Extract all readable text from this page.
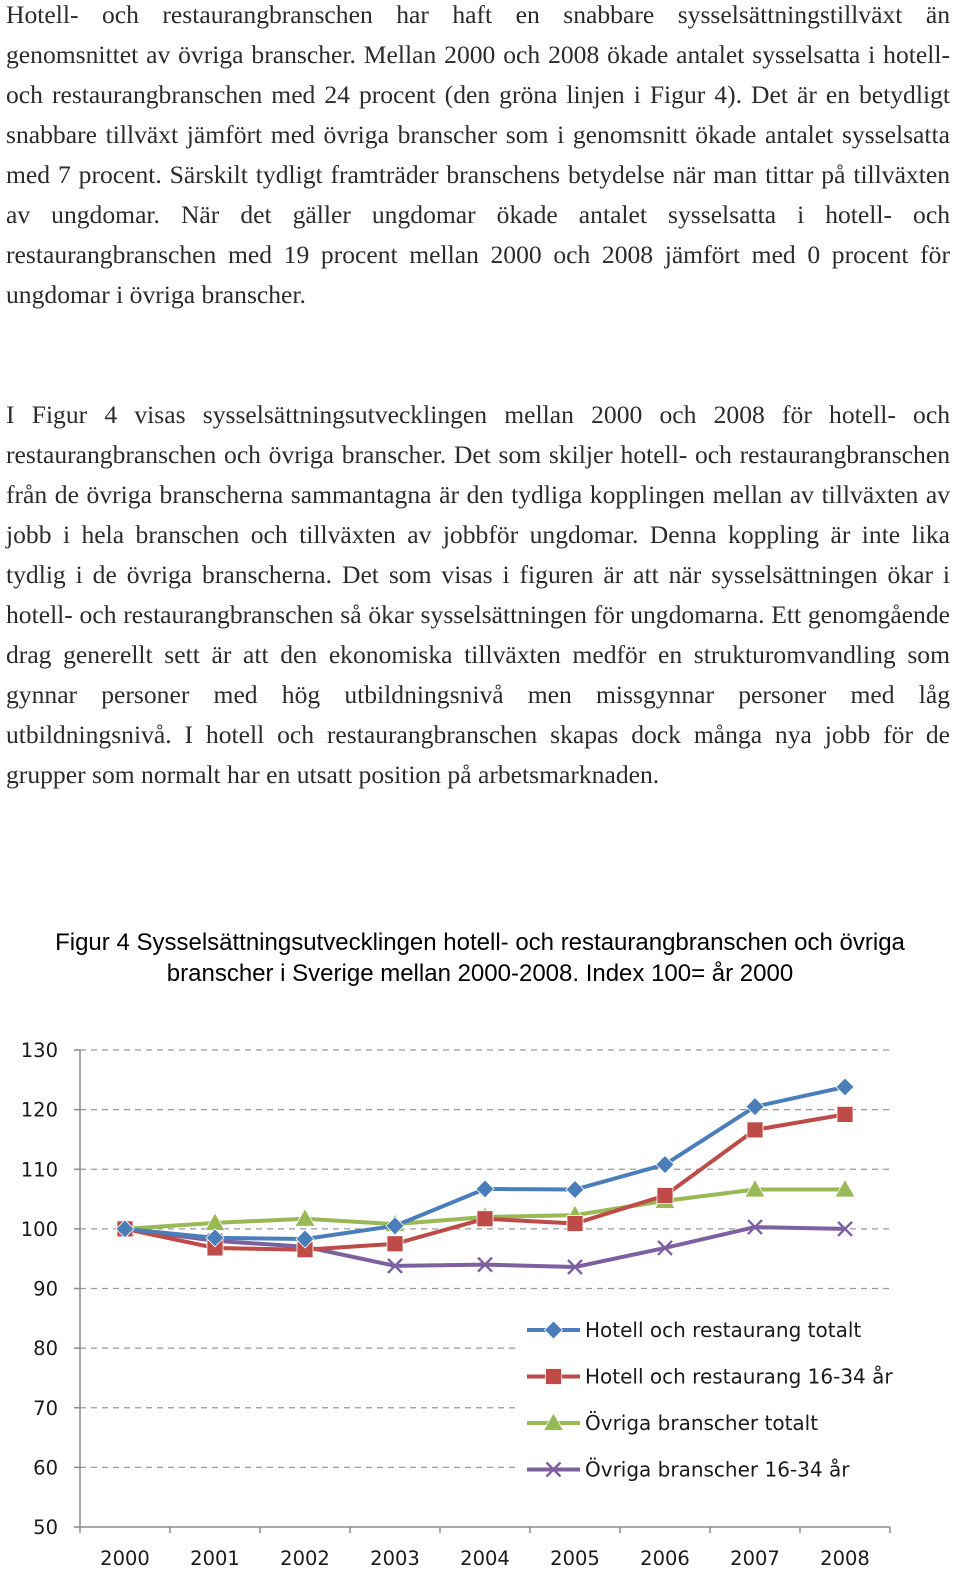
Hotell- och restaurangbranschen har haft en snabbare sysselsättningstillväxt än genomsnittet av övriga branscher. Mellan 2000 och 2008 ökade antalet sysselsatta i hotell- och restaurangbranschen med 24 procent (den gröna linjen i Figur 4). Det är en betydligt snabbare tillväxt jämfört med övriga branscher som i genomsnitt ökade antalet sysselsatta med 7 procent. Särskilt tydligt framträder branschens betydelse när man tittar på tillväxten av ungdomar. När det gäller ungdomar ökade antalet sysselsatta i hotell- och restaurangbranschen med 19 procent mellan 2000 och 2008 jämfört med 0 procent för ungdomar i övriga branscher.

I Figur 4 visas sysselsättningsutvecklingen mellan 2000 och 2008 för hotell- och restaurangbranschen och övriga branscher. Det som skiljer hotell- och restaurangbranschen från de övriga branscherna sammantagna är den tydliga kopplingen mellan av tillväxten av jobb i hela branschen och tillväxten av jobbför ungdomar. Denna koppling är inte lika tydlig i de övriga branscherna. Det som visas i figuren är att när sysselsättningen ökar i hotell- och restaurangbranschen så ökar sysselsättningen för ungdomarna. Ett genomgående drag generellt sett är att den ekonomiska tillväxten medför en strukturomvandling som gynnar personer med hög utbildningsnivå men missgynnar personer med låg utbildningsnivå. I hotell och restaurangbranschen skapas dock många nya jobb för de grupper som normalt har en utsatt position på arbetsmarknaden.

Figur 4 Sysselsättningsutvecklingen hotell- och restaurangbranschen och övriga branscher i Sverige mellan 2000-2008. Index 100= år 2000

50
60
70
80
90
100
110
120
130
2000 2001 2002 2003 2004 2005 2006 2007 2008
Hotell och restaurang totalt
Hotell och restaurang 16-34 år
Övriga branscher totalt
Övriga branscher 16-34 år
